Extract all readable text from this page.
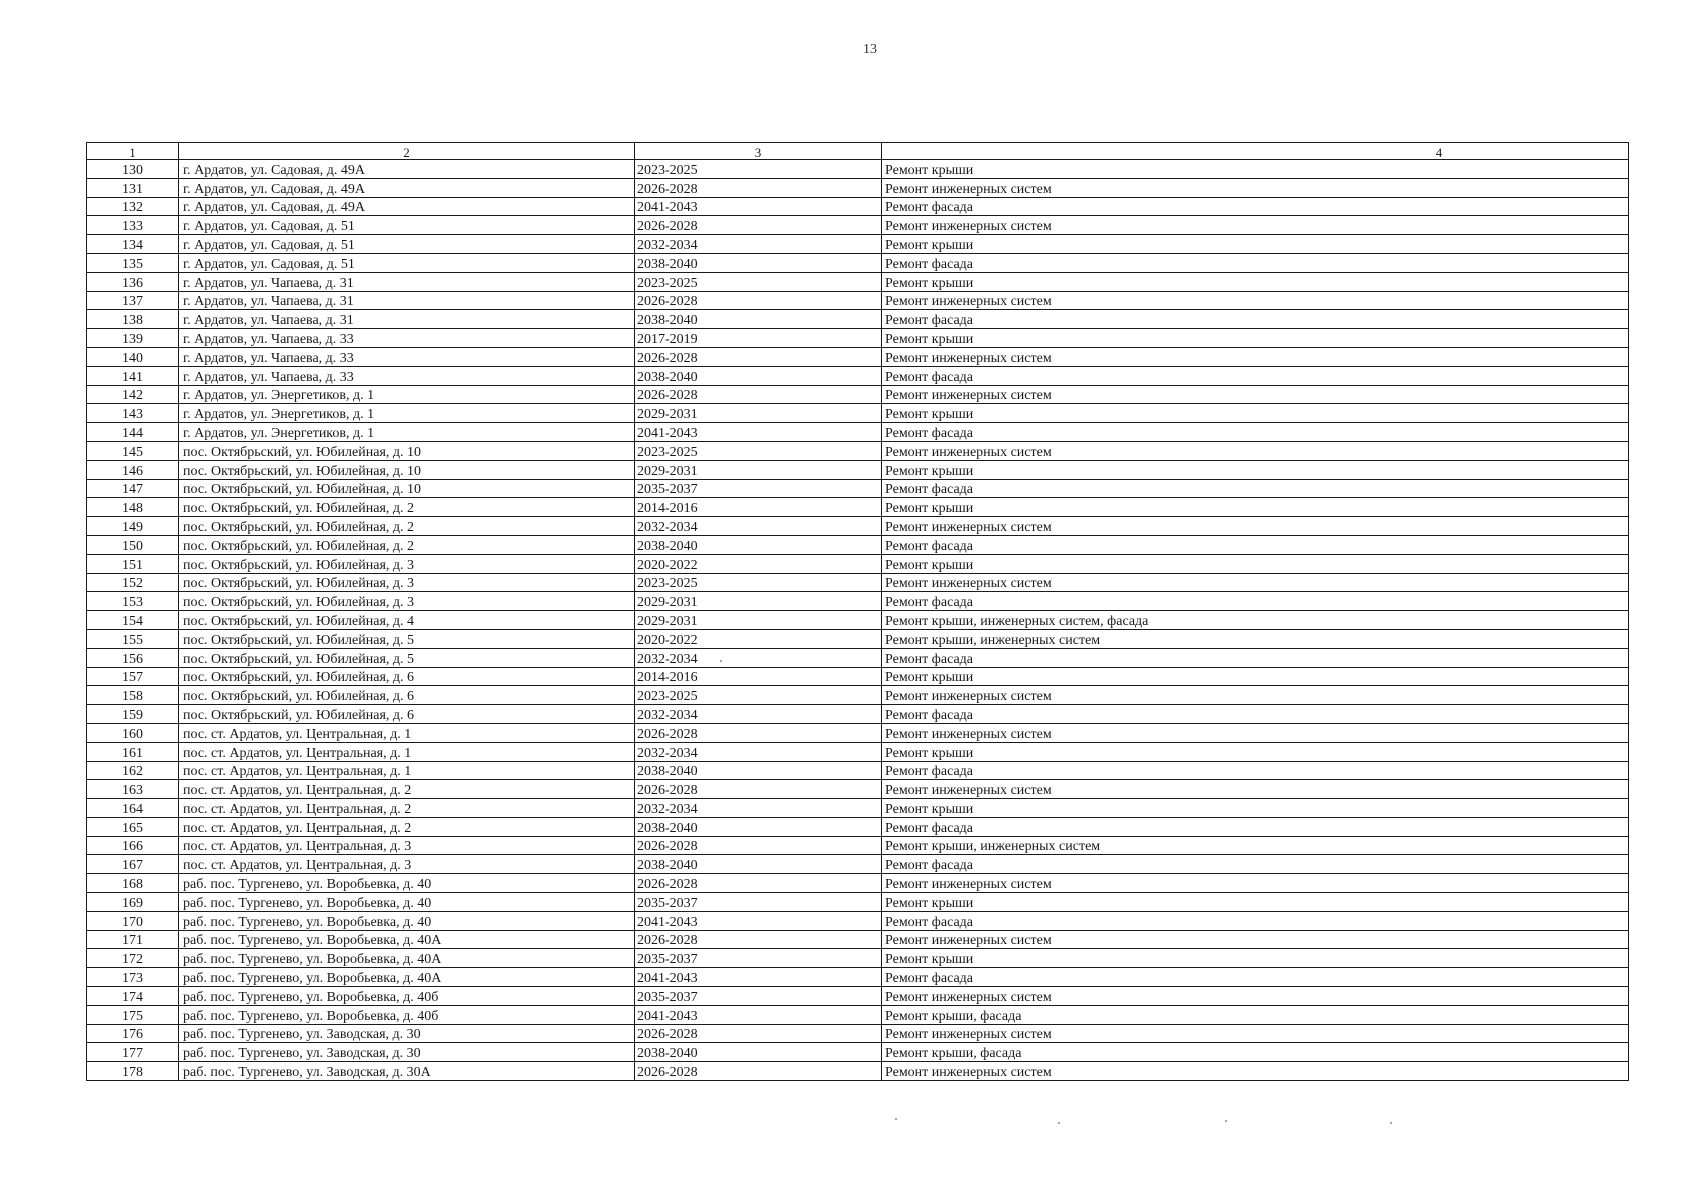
13
1	2	3	4
130	г. Ардатов, ул. Садовая, д. 49А	2023-2025	Ремонт крыши
131	г. Ардатов, ул. Садовая, д. 49А	2026-2028	Ремонт инженерных систем
132	г. Ардатов, ул. Садовая, д. 49А	2041-2043	Ремонт фасада
133	г. Ардатов, ул. Садовая, д. 51	2026-2028	Ремонт инженерных систем
134	г. Ардатов, ул. Садовая, д. 51	2032-2034	Ремонт крыши
135	г. Ардатов, ул. Садовая, д. 51	2038-2040	Ремонт фасада
136	г. Ардатов, ул. Чапаева, д. 31	2023-2025	Ремонт крыши
137	г. Ардатов, ул. Чапаева, д. 31	2026-2028	Ремонт инженерных систем
138	г. Ардатов, ул. Чапаева, д. 31	2038-2040	Ремонт фасада
139	г. Ардатов, ул. Чапаева, д. 33	2017-2019	Ремонт крыши
140	г. Ардатов, ул. Чапаева, д. 33	2026-2028	Ремонт инженерных систем
141	г. Ардатов, ул. Чапаева, д. 33	2038-2040	Ремонт фасада
142	г. Ардатов, ул. Энергетиков, д. 1	2026-2028	Ремонт инженерных систем
143	г. Ардатов, ул. Энергетиков, д. 1	2029-2031	Ремонт крыши
144	г. Ардатов, ул. Энергетиков, д. 1	2041-2043	Ремонт фасада
145	пос. Октябрьский, ул. Юбилейная, д. 10	2023-2025	Ремонт инженерных систем
146	пос. Октябрьский, ул. Юбилейная, д. 10	2029-2031	Ремонт крыши
147	пос. Октябрьский, ул. Юбилейная, д. 10	2035-2037	Ремонт фасада
148	пос. Октябрьский, ул. Юбилейная, д. 2	2014-2016	Ремонт крыши
149	пос. Октябрьский, ул. Юбилейная, д. 2	2032-2034	Ремонт инженерных систем
150	пос. Октябрьский, ул. Юбилейная, д. 2	2038-2040	Ремонт фасада
151	пос. Октябрьский, ул. Юбилейная, д. 3	2020-2022	Ремонт крыши
152	пос. Октябрьский, ул. Юбилейная, д. 3	2023-2025	Ремонт инженерных систем
153	пос. Октябрьский, ул. Юбилейная, д. 3	2029-2031	Ремонт фасада
154	пос. Октябрьский, ул. Юбилейная, д. 4	2029-2031	Ремонт крыши, инженерных систем, фасада
155	пос. Октябрьский, ул. Юбилейная, д. 5	2020-2022	Ремонт крыши, инженерных систем
156	пос. Октябрьский, ул. Юбилейная, д. 5	2032-2034	Ремонт фасада
157	пос. Октябрьский, ул. Юбилейная, д. 6	2014-2016	Ремонт крыши
158	пос. Октябрьский, ул. Юбилейная, д. 6	2023-2025	Ремонт инженерных систем
159	пос. Октябрьский, ул. Юбилейная, д. 6	2032-2034	Ремонт фасада
160	пос. ст. Ардатов, ул. Центральная, д. 1	2026-2028	Ремонт инженерных систем
161	пос. ст. Ардатов, ул. Центральная, д. 1	2032-2034	Ремонт крыши
162	пос. ст. Ардатов, ул. Центральная, д. 1	2038-2040	Ремонт фасада
163	пос. ст. Ардатов, ул. Центральная, д. 2	2026-2028	Ремонт инженерных систем
164	пос. ст. Ардатов, ул. Центральная, д. 2	2032-2034	Ремонт крыши
165	пос. ст. Ардатов, ул. Центральная, д. 2	2038-2040	Ремонт фасада
166	пос. ст. Ардатов, ул. Центральная, д. 3	2026-2028	Ремонт крыши, инженерных систем
167	пос. ст. Ардатов, ул. Центральная, д. 3	2038-2040	Ремонт фасада
168	раб. пос. Тургенево, ул. Воробьевка, д. 40	2026-2028	Ремонт инженерных систем
169	раб. пос. Тургенево, ул. Воробьевка, д. 40	2035-2037	Ремонт крыши
170	раб. пос. Тургенево, ул. Воробьевка, д. 40	2041-2043	Ремонт фасада
171	раб. пос. Тургенево, ул. Воробьевка, д. 40А	2026-2028	Ремонт инженерных систем
172	раб. пос. Тургенево, ул. Воробьевка, д. 40А	2035-2037	Ремонт крыши
173	раб. пос. Тургенево, ул. Воробьевка, д. 40А	2041-2043	Ремонт фасада
174	раб. пос. Тургенево, ул. Воробьевка, д. 40б	2035-2037	Ремонт инженерных систем
175	раб. пос. Тургенево, ул. Воробьевка, д. 40б	2041-2043	Ремонт крыши, фасада
176	раб. пос. Тургенево, ул. Заводская, д. 30	2026-2028	Ремонт инженерных систем
177	раб. пос. Тургенево, ул. Заводская, д. 30	2038-2040	Ремонт крыши, фасада
178	раб. пос. Тургенево, ул. Заводская, д. 30А	2026-2028	Ремонт инженерных систем
